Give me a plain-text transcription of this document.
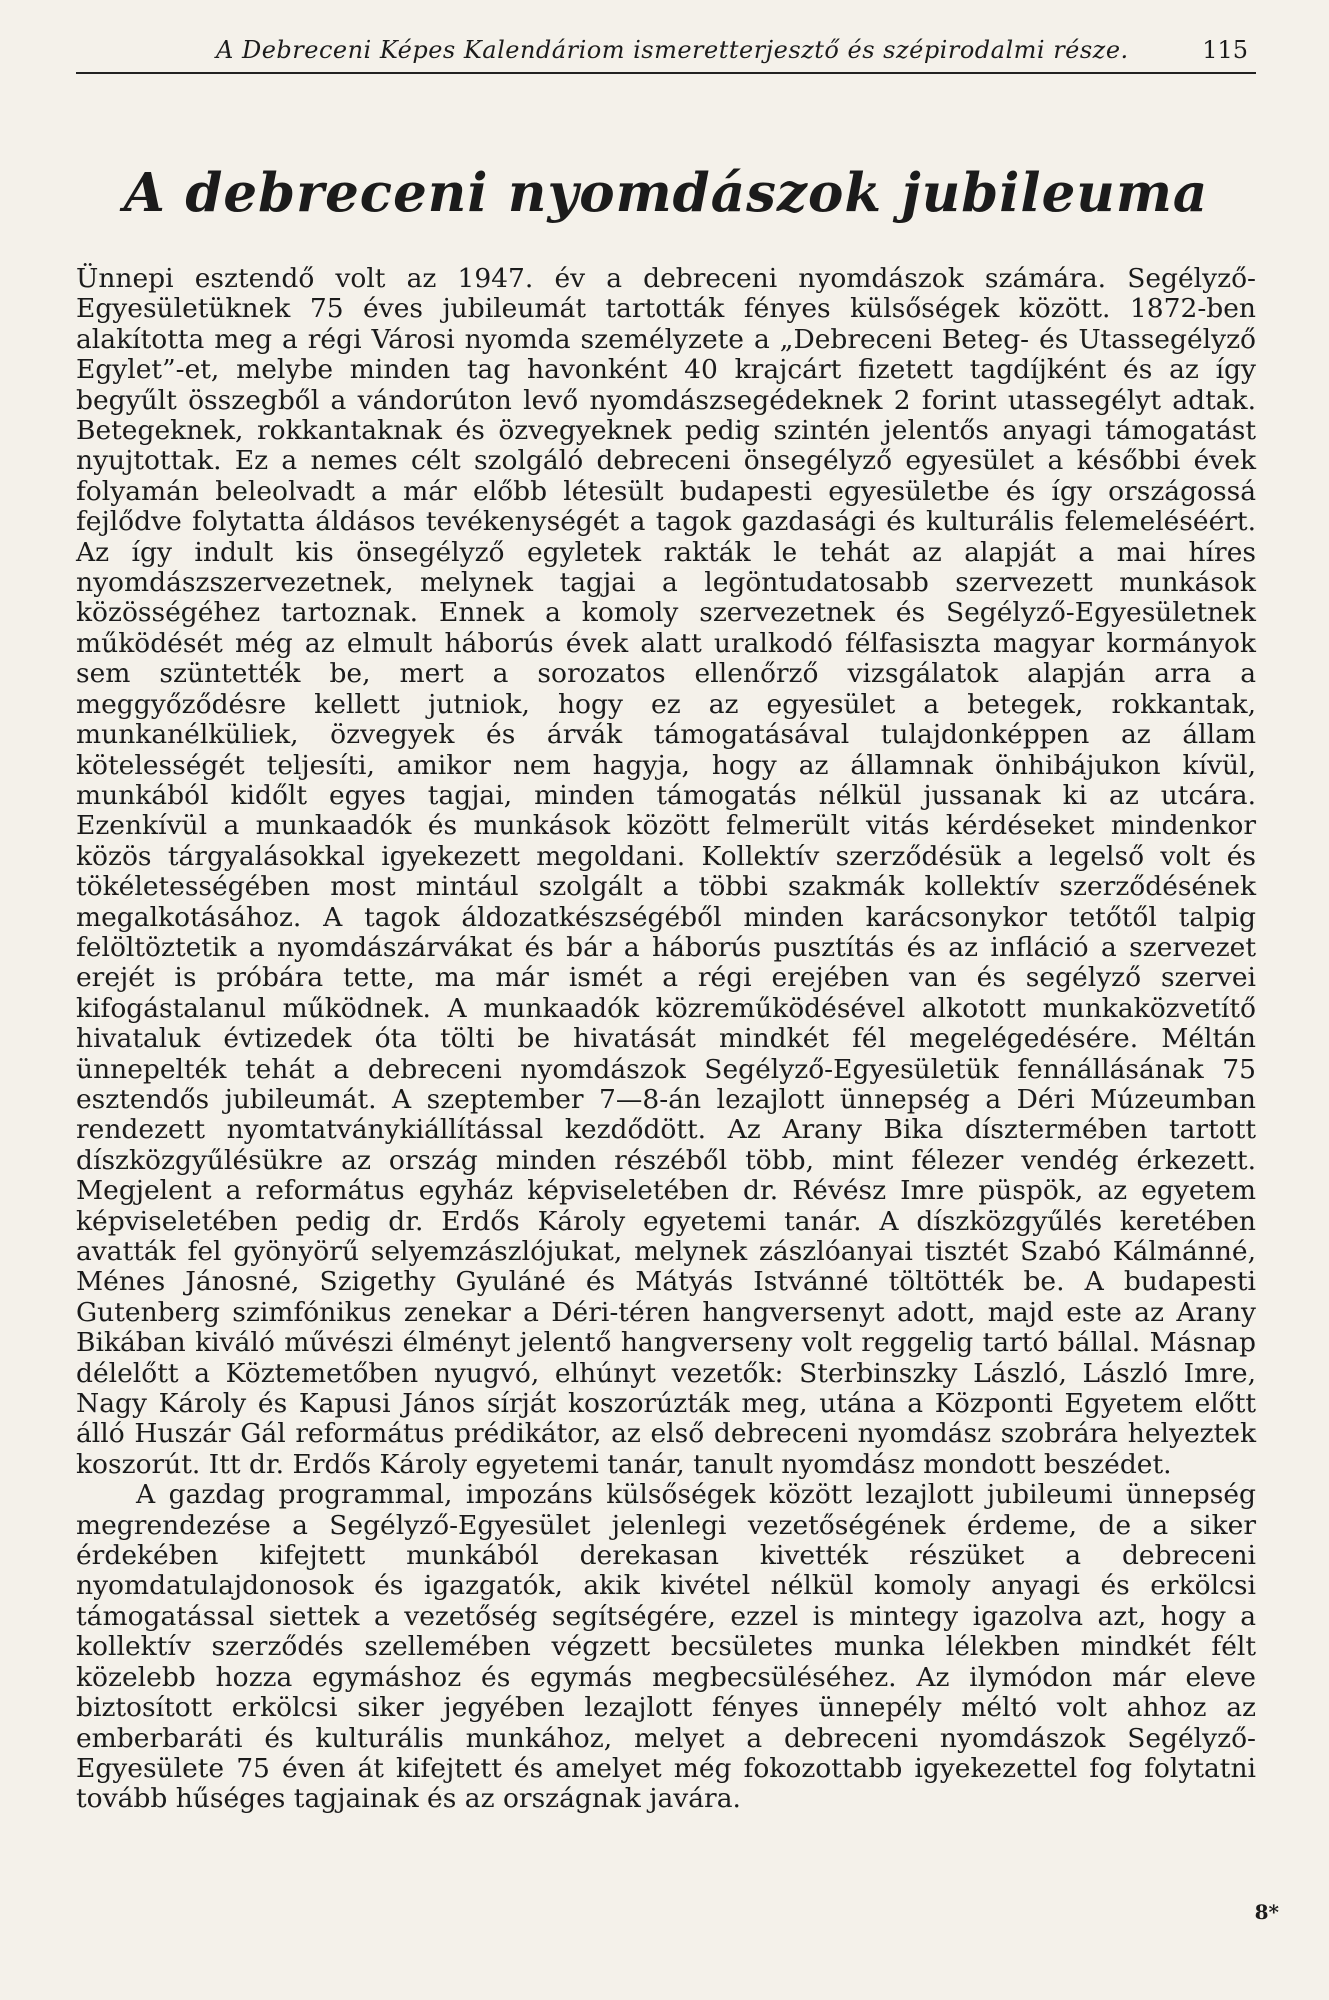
A Debreceni Képes Kalendáriom ismeretterjesztő és szépirodalmi része.	115
A debreceni nyomdászok jubileuma

Ünnepi esztendő volt az 1947. év a debreceni nyomdászok számára. Segélyző-Egyesületüknek 75 éves jubileumát tartották fényes külsőségek között. 1872-ben alakította meg a régi Városi nyomda személyzete a „Debreceni Beteg- és Utassegélyző Egylet”-et, melybe minden tag havonként 40 krajcárt fizetett tagdíjként és az így begyűlt összegből a vándorúton levő nyomdászsegédeknek 2 forint utassegélyt adtak. Betegeknek, rokkantaknak és özvegyeknek pedig szintén jelentős anyagi támogatást nyujtottak. Ez a nemes célt szolgáló debreceni önsegélyző egyesület a későbbi évek folyamán beleolvadt a már előbb létesült budapesti egyesületbe és így országossá fejlődve folytatta áldásos tevékenységét a tagok gazdasági és kulturális felemeléséért. Az így indult kis önsegélyző egyletek rakták le tehát az alapját a mai híres nyomdászszervezetnek, melynek tagjai a legöntudatosabb szervezett munkások közösségéhez tartoznak. Ennek a komoly szervezetnek és Segélyző-Egyesületnek működését még az elmult háborús évek alatt uralkodó félfasiszta magyar kormányok sem szüntették be, mert a sorozatos ellenőrző vizsgálatok alapján arra a meggyőződésre kellett jutniok, hogy ez az egyesület a betegek, rokkantak, munkanélküliek, özvegyek és árvák támogatásával tulajdonképpen az állam kötelességét teljesíti, amikor nem hagyja, hogy az államnak önhibájukon kívül, munkából kidőlt egyes tagjai, minden támogatás nélkül jussanak ki az utcára. Ezenkívül a munkaadók és munkások között felmerült vitás kérdéseket mindenkor közös tárgyalásokkal igyekezett megoldani. Kollektív szerződésük a legelső volt és tökéletességében most mintául szolgált a többi szakmák kollektív szerződésének megalkotásához. A tagok áldozatkészségéből minden karácsonykor tetőtől talpig felöltöztetik a nyomdászárvákat és bár a háborús pusztítás és az infláció a szervezet erejét is próbára tette, ma már ismét a régi erejében van és segélyző szervei kifogástalanul működnek. A munkaadók közreműködésével alkotott munkaközvetítő hivataluk évtizedek óta tölti be hivatását mindkét fél megelégedésére. Méltán ünnepelték tehát a debreceni nyomdászok Segélyző-Egyesületük fennállásának 75 esztendős jubileumát. A szeptember 7—8-án lezajlott ünnepség a Déri Múzeumban rendezett nyomtatványkiállítással kezdődött. Az Arany Bika dísztermében tartott díszközgyűlésükre az ország minden részéből több, mint félezer vendég érkezett. Megjelent a református egyház képviseletében dr. Révész Imre püspök, az egyetem képviseletében pedig dr. Erdős Károly egyetemi tanár. A díszközgyűlés keretében avatták fel gyönyörű selyemzászlójukat, melynek zászlóanyai tisztét Szabó Kálmánné, Ménes Jánosné, Szigethy Gyuláné és Mátyás Istvánné töltötték be. A budapesti Gutenberg szimfónikus zenekar a Déri-téren hangversenyt adott, majd este az Arany Bikában kiváló művészi élményt jelentő hangverseny volt reggelig tartó bállal. Másnap délelőtt a Köztemetőben nyugvó, elhúnyt vezetők: Sterbinszky László, László Imre, Nagy Károly és Kapusi János sírját koszorúzták meg, utána a Központi Egyetem előtt álló Huszár Gál református prédikátor, az első debreceni nyomdász szobrára helyeztek koszorút. Itt dr. Erdős Károly egyetemi tanár, tanult nyomdász mondott beszédet.

A gazdag programmal, impozáns külsőségek között lezajlott jubileumi ünnepség megrendezése a Segélyző-Egyesület jelenlegi vezetőségének érdeme, de a siker érdekében kifejtett munkából derekasan kivették részüket a debreceni nyomdatulajdonosok és igazgatók, akik kivétel nélkül komoly anyagi és erkölcsi támogatással siettek a vezetőség segítségére, ezzel is mintegy igazolva azt, hogy a kollektív szerződés szellemében végzett becsületes munka lélekben mindkét félt közelebb hozza egymáshoz és egymás megbecsüléséhez. Az ilymódon már eleve biztosított erkölcsi siker jegyében lezajlott fényes ünnepély méltó volt ahhoz az emberbaráti és kulturális munkához, melyet a debreceni nyomdászok Segélyző-Egyesülete 75 éven át kifejtett és amelyet még fokozottabb igyekezettel fog folytatni tovább hűséges tagjainak és az országnak javára.

8*
